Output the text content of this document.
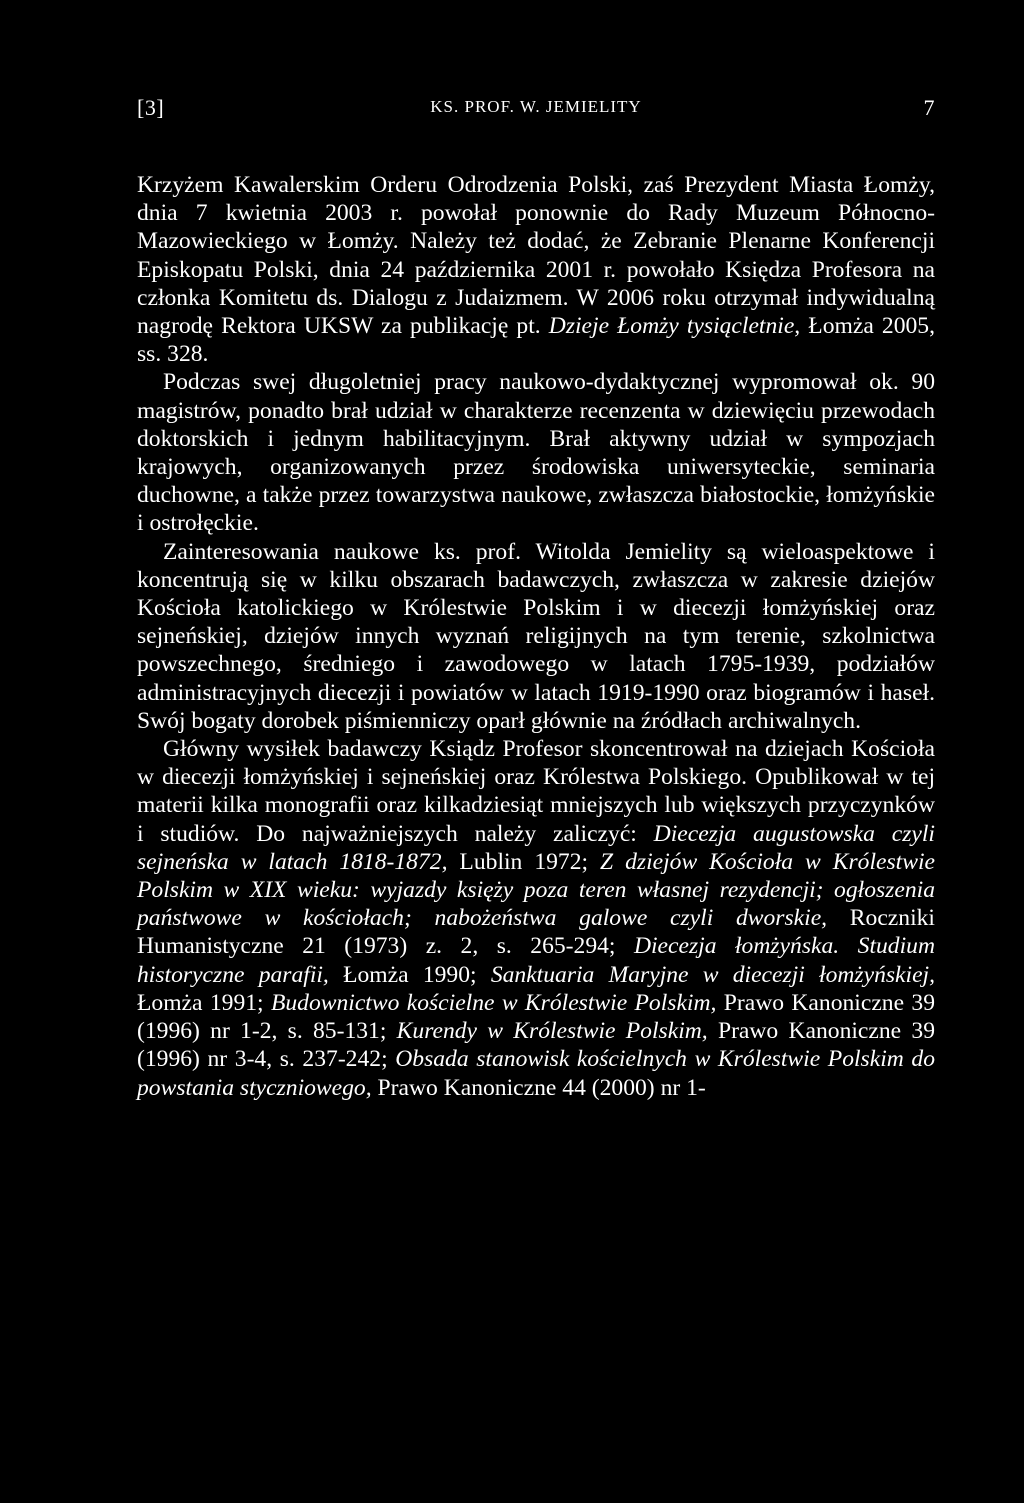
[3]	KS. PROF. W. JEMIELITY	7

Krzyżem Kawalerskim Orderu Odrodzenia Polski, zaś Prezydent Miasta Łomży, dnia 7 kwietnia 2003 r. powołał ponownie do Rady Muzeum Północno-Mazowieckiego w Łomży. Należy też dodać, że Zebranie Plenarne Konferencji Episkopatu Polski, dnia 24 października 2001 r. powołało Księdza Profesora na członka Komitetu ds. Dialogu z Judaizmem. W 2006 roku otrzymał indywidualną nagrodę Rektora UKSW za publikację pt. Dzieje Łomży tysiącletnie, Łomża 2005, ss. 328.

Podczas swej długoletniej pracy naukowo-dydaktycznej wypromował ok. 90 magistrów, ponadto brał udział w charakterze recenzenta w dziewięciu przewodach doktorskich i jednym habilitacyjnym. Brał aktywny udział w sympozjach krajowych, organizowanych przez środowiska uniwersyteckie, seminaria duchowne, a także przez towarzystwa naukowe, zwłaszcza białostockie, łomżyńskie i ostrołęckie.

Zainteresowania naukowe ks. prof. Witolda Jemielity są wieloaspektowe i koncentrują się w kilku obszarach badawczych, zwłaszcza w zakresie dziejów Kościoła katolickiego w Królestwie Polskim i w diecezji łomżyńskiej oraz sejneńskiej, dziejów innych wyznań religijnych na tym terenie, szkolnictwa powszechnego, średniego i zawodowego w latach 1795-1939, podziałów administracyjnych diecezji i powiatów w latach 1919-1990 oraz biogramów i haseł. Swój bogaty dorobek piśmienniczy oparł głównie na źródłach archiwalnych.

Główny wysiłek badawczy Ksiądz Profesor skoncentrował na dziejach Kościoła w diecezji łomżyńskiej i sejneńskiej oraz Królestwa Polskiego. Opublikował w tej materii kilka monografii oraz kilkadziesiąt mniejszych lub większych przyczynków i studiów. Do najważniejszych należy zaliczyć: Diecezja augustowska czyli sejneńska w latach 1818-1872, Lublin 1972; Z dziejów Kościoła w Królestwie Polskim w XIX wieku: wyjazdy księży poza teren własnej rezydencji; ogłoszenia państwowe w kościołach; nabożeństwa galowe czyli dworskie, Roczniki Humanistyczne 21 (1973) z. 2, s. 265-294; Diecezja łomżyńska. Studium historyczne parafii, Łomża 1990; Sanktuaria Maryjne w diecezji łomżyńskiej, Łomża 1991; Budownictwo kościelne w Królestwie Polskim, Prawo Kanoniczne 39 (1996) nr 1-2, s. 85-131; Kurendy w Królestwie Polskim, Prawo Kanoniczne 39 (1996) nr 3-4, s. 237-242; Obsada stanowisk kościelnych w Królestwie Polskim do powstania styczniowego, Prawo Kanoniczne 44 (2000) nr 1-
